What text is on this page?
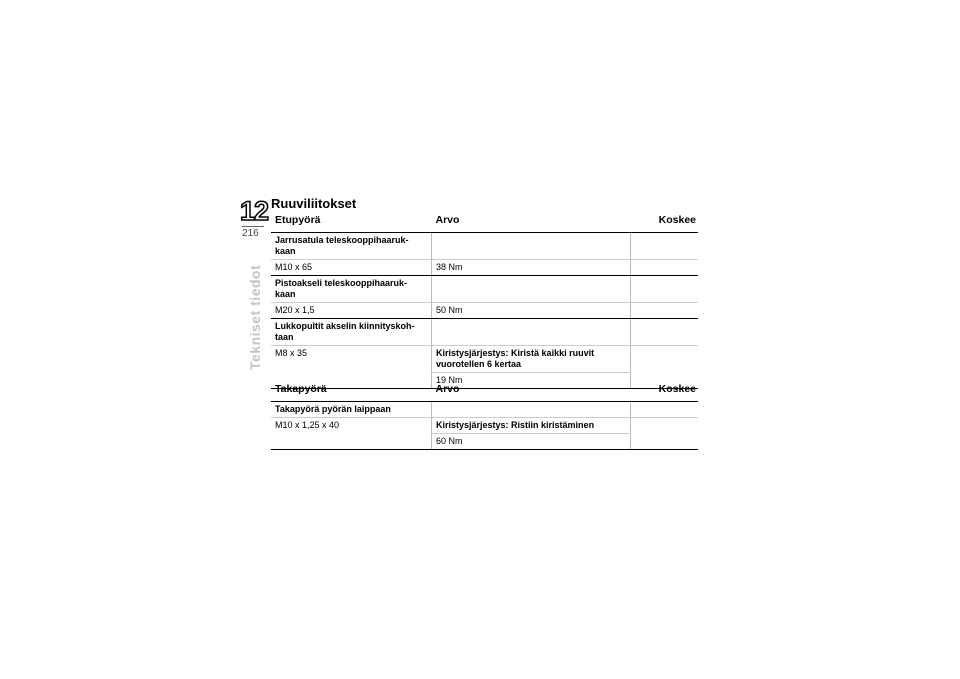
12
216
Tekniset tiedot
Ruuviliitokset
Etupyörä	Arvo	Koskee
Jarrusatula teleskooppihaaruk-kaan		
M10 x 65	38 Nm	
Pistoakseli teleskooppihaaruk-kaan		
M20 x 1,5	50 Nm	
Lukkopultit akselin kiinnityskoh-taan		
M8 x 35	Kiristysjärjestys: Kiristä kaikki ruuvit vuorotellen 6 kertaa	
	19 Nm	
Takapyörä	Arvo	Koskee
Takapyörä pyörän laippaan		
M10 x 1,25 x 40	Kiristysjärjestys: Ristiin kiristäminen	
	60 Nm	
